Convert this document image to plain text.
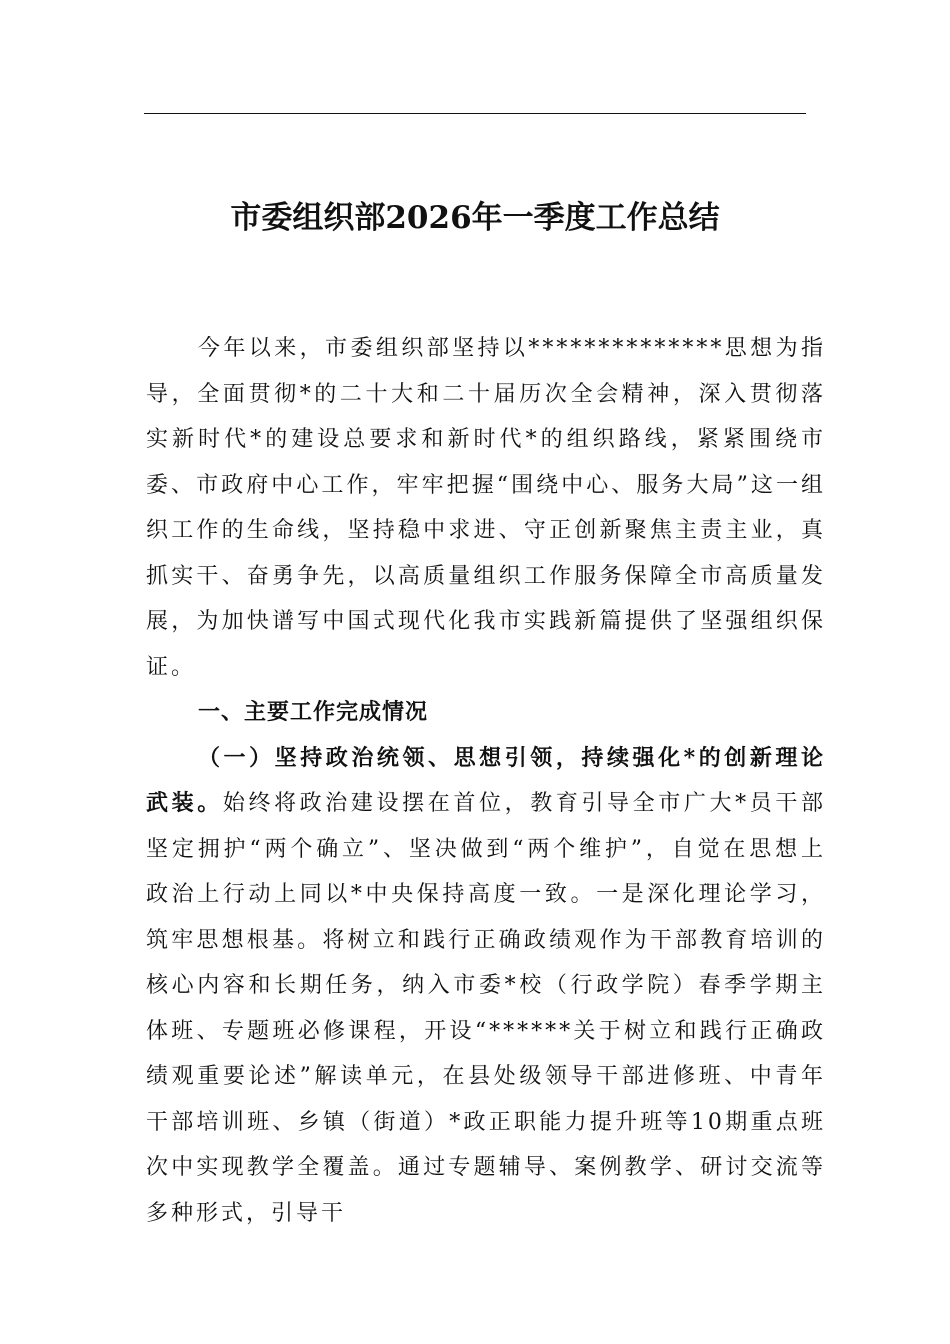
市委组织部2026年一季度工作总结

今年以来，市委组织部坚持以**************思想为指导，全面贯彻*的二十大和二十届历次全会精神，深入贯彻落实新时代*的建设总要求和新时代*的组织路线，紧紧围绕市委、市政府中心工作，牢牢把握“围绕中心、服务大局”这一组织工作的生命线，坚持稳中求进、守正创新聚焦主责主业，真抓实干、奋勇争先，以高质量组织工作服务保障全市高质量发展，为加快谱写中国式现代化我市实践新篇提供了坚强组织保证。

一、主要工作完成情况

（一）坚持政治统领、思想引领，持续强化*的创新理论武装。始终将政治建设摆在首位，教育引导全市广大*员干部坚定拥护“两个确立”、坚决做到“两个维护”，自觉在思想上政治上行动上同以*中央保持高度一致。一是深化理论学习，筑牢思想根基。将树立和践行正确政绩观作为干部教育培训的核心内容和长期任务，纳入市委*校（行政学院）春季学期主体班、专题班必修课程，开设“******关于树立和践行正确政绩观重要论述”解读单元，在县处级领导干部进修班、中青年干部培训班、乡镇（街道）*政正职能力提升班等10期重点班次中实现教学全覆盖。通过专题辅导、案例教学、研讨交流等多种形式，引导干
